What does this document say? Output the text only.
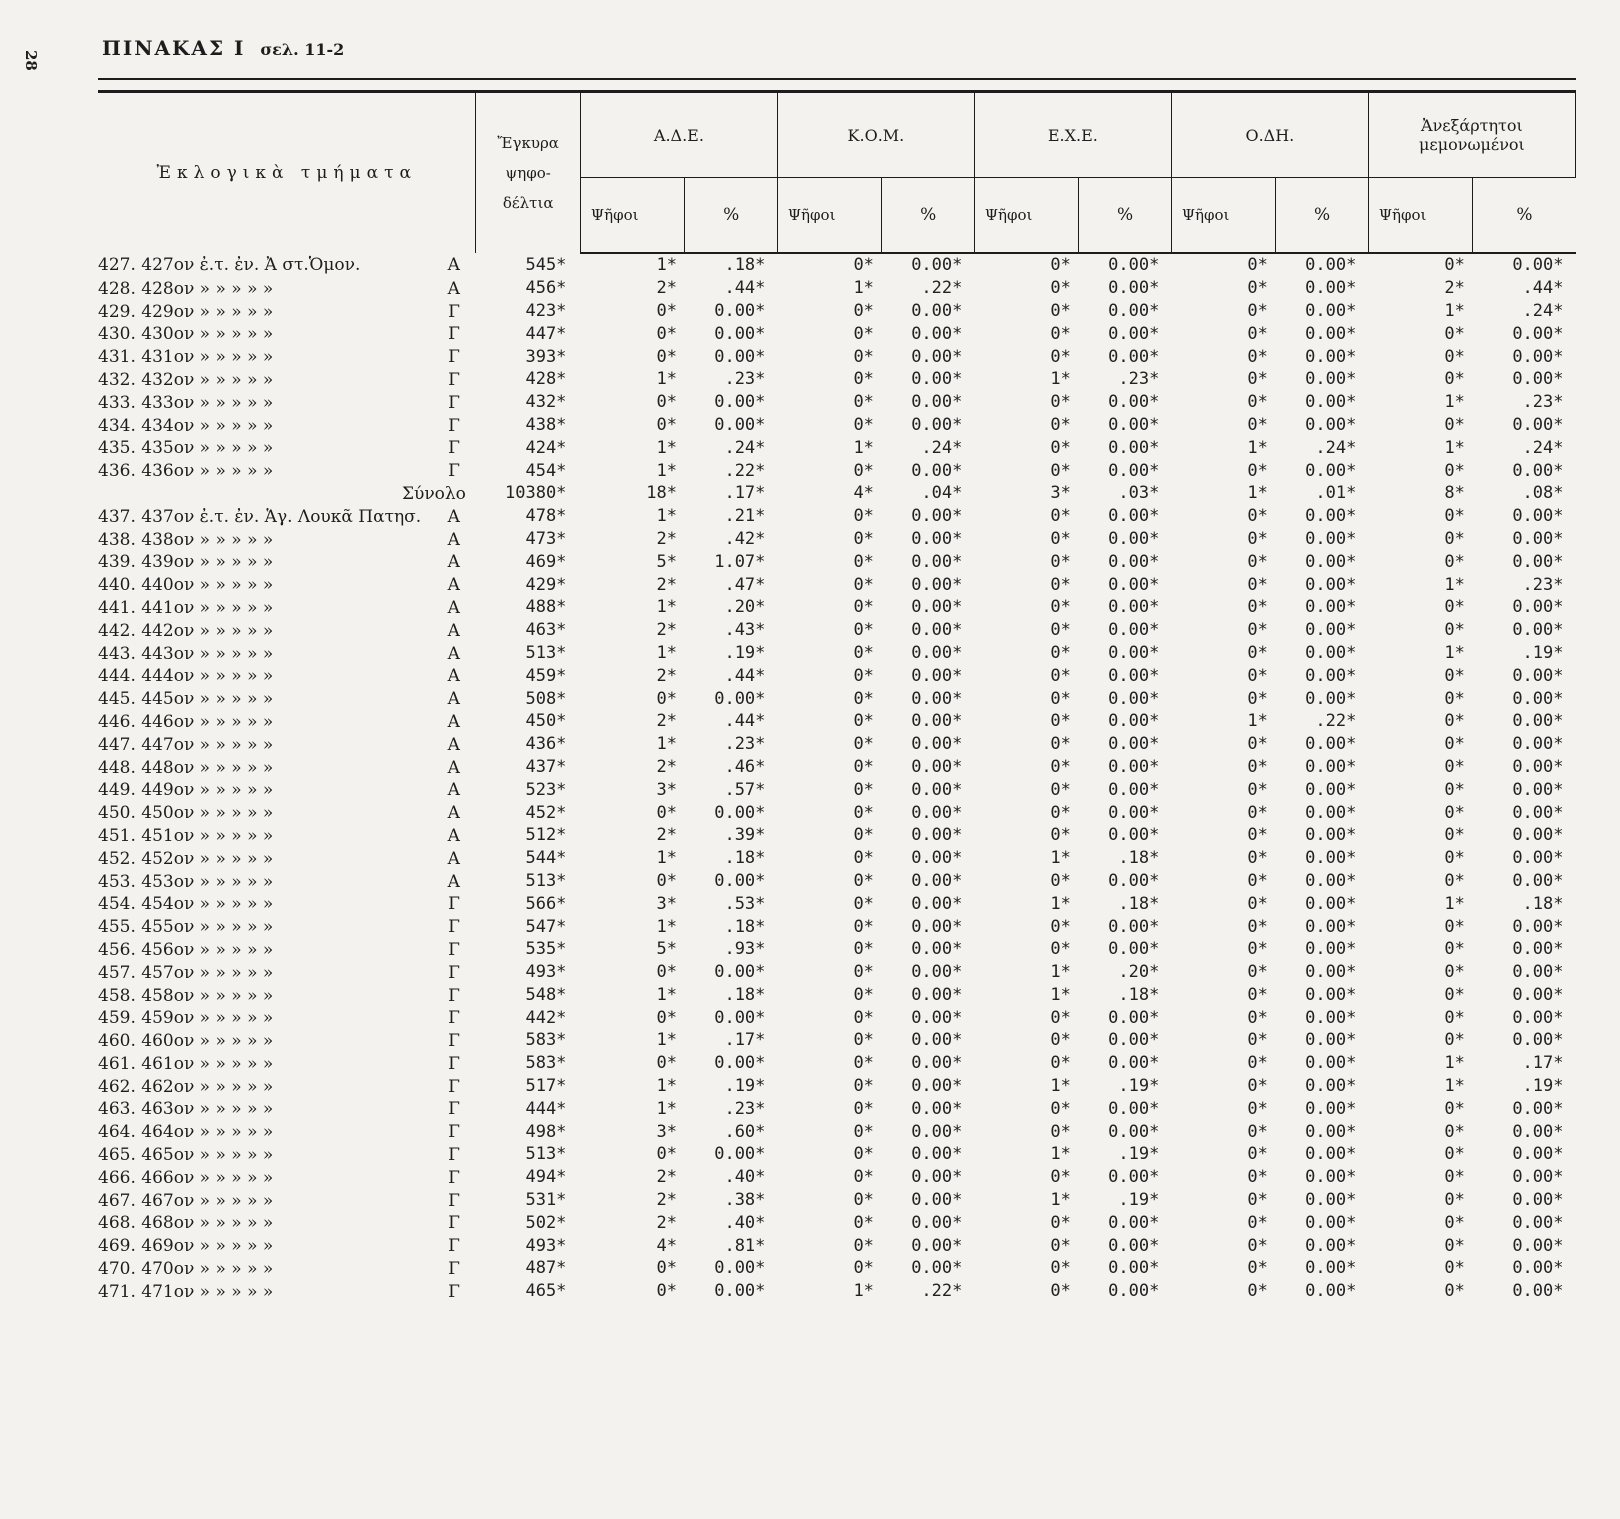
28
ΠΙΝΑΚΑΣ Ι σελ. 11-2
Ἐκλογικὰ τμήματα	Ἔγκυρα
ψηφο-
δέλτια	Α.Δ.Ε.		Κ.Ο.Μ.		Ε.Χ.Ε.		Ο.ΔΗ.		Ἀνεξάρτητοι μεμονωμένοι	
		Ψῆφοι	%	Ψῆφοι	%	Ψῆφοι	%	Ψῆφοι	%	Ψῆφοι	%

427. 427ον ἐ.τ. ἐν. Ἀ στ.Ὁμον. Α	545*	1*	.18*	0*	0.00*	0*	0.00*	0*	0.00*	0*	0.00*

428. 428ον » » » » » Α	456*	2*	.44*	1*	.22*	0*	0.00*	0*	0.00*	2*	.44*

429. 429ον » » » » » Γ	423*	0*	0.00*	0*	0.00*	0*	0.00*	0*	0.00*	1*	.24*

430. 430ον » » » » » Γ	447*	0*	0.00*	0*	0.00*	0*	0.00*	0*	0.00*	0*	0.00*

431. 431ον » » » » » Γ	393*	0*	0.00*	0*	0.00*	0*	0.00*	0*	0.00*	0*	0.00*

432. 432ον » » » » » Γ	428*	1*	.23*	0*	0.00*	1*	.23*	0*	0.00*	0*	0.00*

433. 433ον » » » » » Γ	432*	0*	0.00*	0*	0.00*	0*	0.00*	0*	0.00*	1*	.23*

434. 434ον » » » » » Γ	438*	0*	0.00*	0*	0.00*	0*	0.00*	0*	0.00*	0*	0.00*

435. 435ον » » » » » Γ	424*	1*	.24*	1*	.24*	0*	0.00*	1*	.24*	1*	.24*

436. 436ον » » » » » Γ	454*	1*	.22*	0*	0.00*	0*	0.00*	0*	0.00*	0*	0.00*

Σύνολο	10380*	18*	.17*	4*	.04*	3*	.03*	1*	.01*	8*	.08*

437. 437ον ἐ.τ. ἐν. Ἁγ. Λουκᾶ Πατησ. Α	478*	1*	.21*	0*	0.00*	0*	0.00*	0*	0.00*	0*	0.00*

438. 438ον » » » » » Α	473*	2*	.42*	0*	0.00*	0*	0.00*	0*	0.00*	0*	0.00*

439. 439ον » » » » » Α	469*	5*	1.07*	0*	0.00*	0*	0.00*	0*	0.00*	0*	0.00*

440. 440ον » » » » » Α	429*	2*	.47*	0*	0.00*	0*	0.00*	0*	0.00*	1*	.23*

441. 441ον » » » » » Α	488*	1*	.20*	0*	0.00*	0*	0.00*	0*	0.00*	0*	0.00*

442. 442ον » » » » » Α	463*	2*	.43*	0*	0.00*	0*	0.00*	0*	0.00*	0*	0.00*

443. 443ον » » » » » Α	513*	1*	.19*	0*	0.00*	0*	0.00*	0*	0.00*	1*	.19*

444. 444ον » » » » » Α	459*	2*	.44*	0*	0.00*	0*	0.00*	0*	0.00*	0*	0.00*

445. 445ον » » » » » Α	508*	0*	0.00*	0*	0.00*	0*	0.00*	0*	0.00*	0*	0.00*

446. 446ον » » » » » Α	450*	2*	.44*	0*	0.00*	0*	0.00*	1*	.22*	0*	0.00*

447. 447ον » » » » » Α	436*	1*	.23*	0*	0.00*	0*	0.00*	0*	0.00*	0*	0.00*

448. 448ον » » » » » Α	437*	2*	.46*	0*	0.00*	0*	0.00*	0*	0.00*	0*	0.00*

449. 449ον » » » » » Α	523*	3*	.57*	0*	0.00*	0*	0.00*	0*	0.00*	0*	0.00*

450. 450ον » » » » » Α	452*	0*	0.00*	0*	0.00*	0*	0.00*	0*	0.00*	0*	0.00*

451. 451ον » » » » » Α	512*	2*	.39*	0*	0.00*	0*	0.00*	0*	0.00*	0*	0.00*

452. 452ον » » » » » Α	544*	1*	.18*	0*	0.00*	1*	.18*	0*	0.00*	0*	0.00*

453. 453ον » » » » » Α	513*	0*	0.00*	0*	0.00*	0*	0.00*	0*	0.00*	0*	0.00*

454. 454ον » » » » » Γ	566*	3*	.53*	0*	0.00*	1*	.18*	0*	0.00*	1*	.18*

455. 455ον » » » » » Γ	547*	1*	.18*	0*	0.00*	0*	0.00*	0*	0.00*	0*	0.00*

456. 456ον » » » » » Γ	535*	5*	.93*	0*	0.00*	0*	0.00*	0*	0.00*	0*	0.00*

457. 457ον » » » » » Γ	493*	0*	0.00*	0*	0.00*	1*	.20*	0*	0.00*	0*	0.00*

458. 458ον » » » » » Γ	548*	1*	.18*	0*	0.00*	1*	.18*	0*	0.00*	0*	0.00*

459. 459ον » » » » » Γ	442*	0*	0.00*	0*	0.00*	0*	0.00*	0*	0.00*	0*	0.00*

460. 460ον » » » » » Γ	583*	1*	.17*	0*	0.00*	0*	0.00*	0*	0.00*	0*	0.00*

461. 461ον » » » » » Γ	583*	0*	0.00*	0*	0.00*	0*	0.00*	0*	0.00*	1*	.17*

462. 462ον » » » » » Γ	517*	1*	.19*	0*	0.00*	1*	.19*	0*	0.00*	1*	.19*

463. 463ον » » » » » Γ	444*	1*	.23*	0*	0.00*	0*	0.00*	0*	0.00*	0*	0.00*

464. 464ον » » » » » Γ	498*	3*	.60*	0*	0.00*	0*	0.00*	0*	0.00*	0*	0.00*

465. 465ον » » » » » Γ	513*	0*	0.00*	0*	0.00*	1*	.19*	0*	0.00*	0*	0.00*

466. 466ον » » » » » Γ	494*	2*	.40*	0*	0.00*	0*	0.00*	0*	0.00*	0*	0.00*

467. 467ον » » » » » Γ	531*	2*	.38*	0*	0.00*	1*	.19*	0*	0.00*	0*	0.00*

468. 468ον » » » » » Γ	502*	2*	.40*	0*	0.00*	0*	0.00*	0*	0.00*	0*	0.00*

469. 469ον » » » » » Γ	493*	4*	.81*	0*	0.00*	0*	0.00*	0*	0.00*	0*	0.00*

470. 470ον » » » » » Γ	487*	0*	0.00*	0*	0.00*	0*	0.00*	0*	0.00*	0*	0.00*

471. 471ον » » » » » Γ	465*	0*	0.00*	1*	.22*	0*	0.00*	0*	0.00*	0*	0.00*
